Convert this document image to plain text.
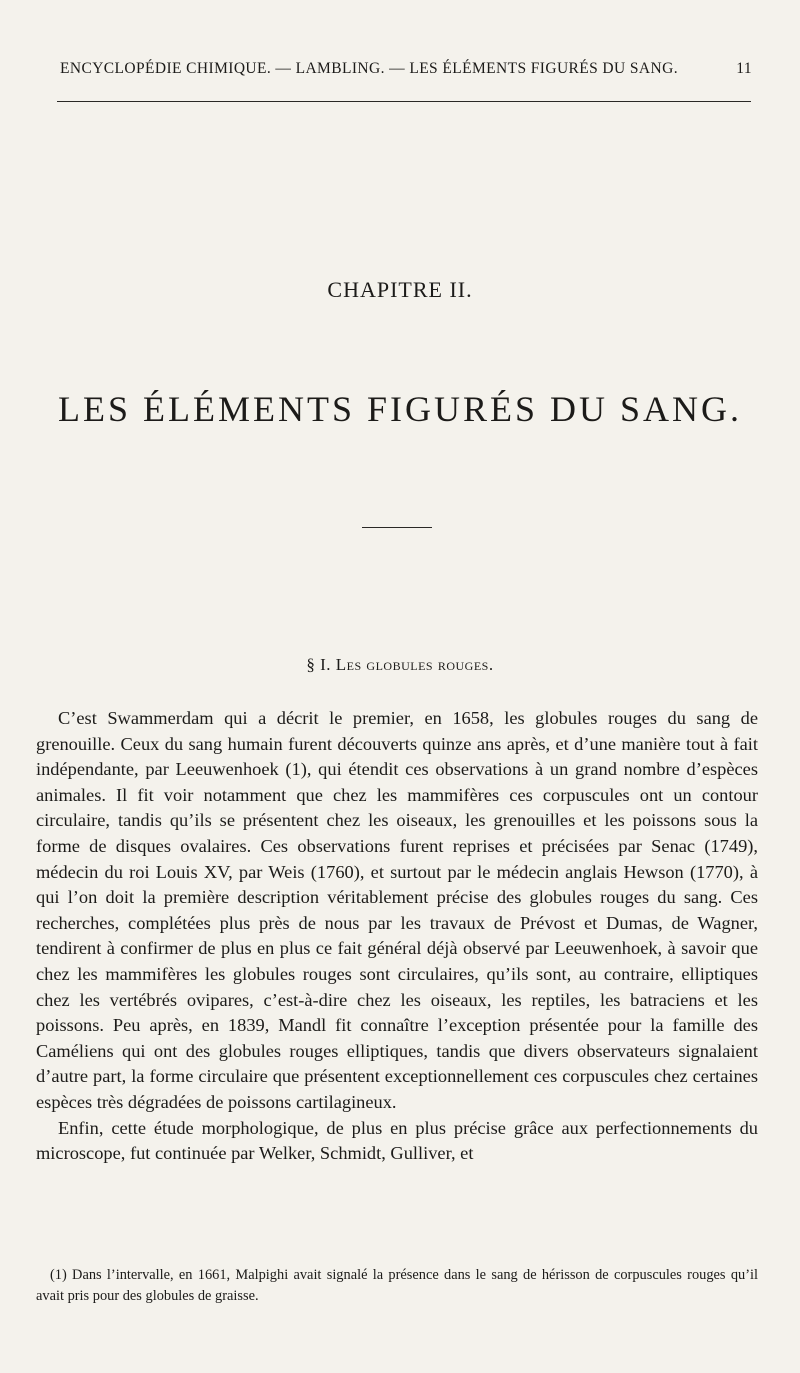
ENCYCLOPÉDIE CHIMIQUE. — LAMBLING. — LES ÉLÉMENTS FIGURÉS DU SANG.	11
CHAPITRE II.
LES ÉLÉMENTS FIGURÉS DU SANG.
§ I. Les globules rouges.

C’est Swammerdam qui a décrit le premier, en 1658, les globules rouges du sang de grenouille. Ceux du sang humain furent découverts quinze ans après, et d’une manière tout à fait indépendante, par Leeuwenhoek (1), qui étendit ces observations à un grand nombre d’espèces animales. Il fit voir notamment que chez les mammifères ces corpuscules ont un contour circulaire, tandis qu’ils se présentent chez les oiseaux, les grenouilles et les poissons sous la forme de disques ovalaires. Ces observations furent reprises et précisées par Senac (1749), médecin du roi Louis XV, par Weis (1760), et surtout par le médecin anglais Hewson (1770), à qui l’on doit la première description véritablement précise des globules rouges du sang. Ces recherches, complétées plus près de nous par les travaux de Prévost et Dumas, de Wagner, tendirent à confirmer de plus en plus ce fait général déjà observé par Leeuwenhoek, à savoir que chez les mammifères les globules rouges sont circulaires, qu’ils sont, au contraire, elliptiques chez les vertébrés ovipares, c’est-à-dire chez les oiseaux, les reptiles, les batraciens et les poissons. Peu après, en 1839, Mandl fit connaître l’exception présentée pour la famille des Caméliens qui ont des globules rouges elliptiques, tandis que divers observateurs signalaient d’autre part, la forme circulaire que présentent exceptionnellement ces corpuscules chez certaines espèces très dégradées de poissons cartilagineux.

Enfin, cette étude morphologique, de plus en plus précise grâce aux perfectionnements du microscope, fut continuée par Welker, Schmidt, Gulliver, et

(1) Dans l’intervalle, en 1661, Malpighi avait signalé la présence dans le sang de hérisson de corpuscules rouges qu’il avait pris pour des globules de graisse.
